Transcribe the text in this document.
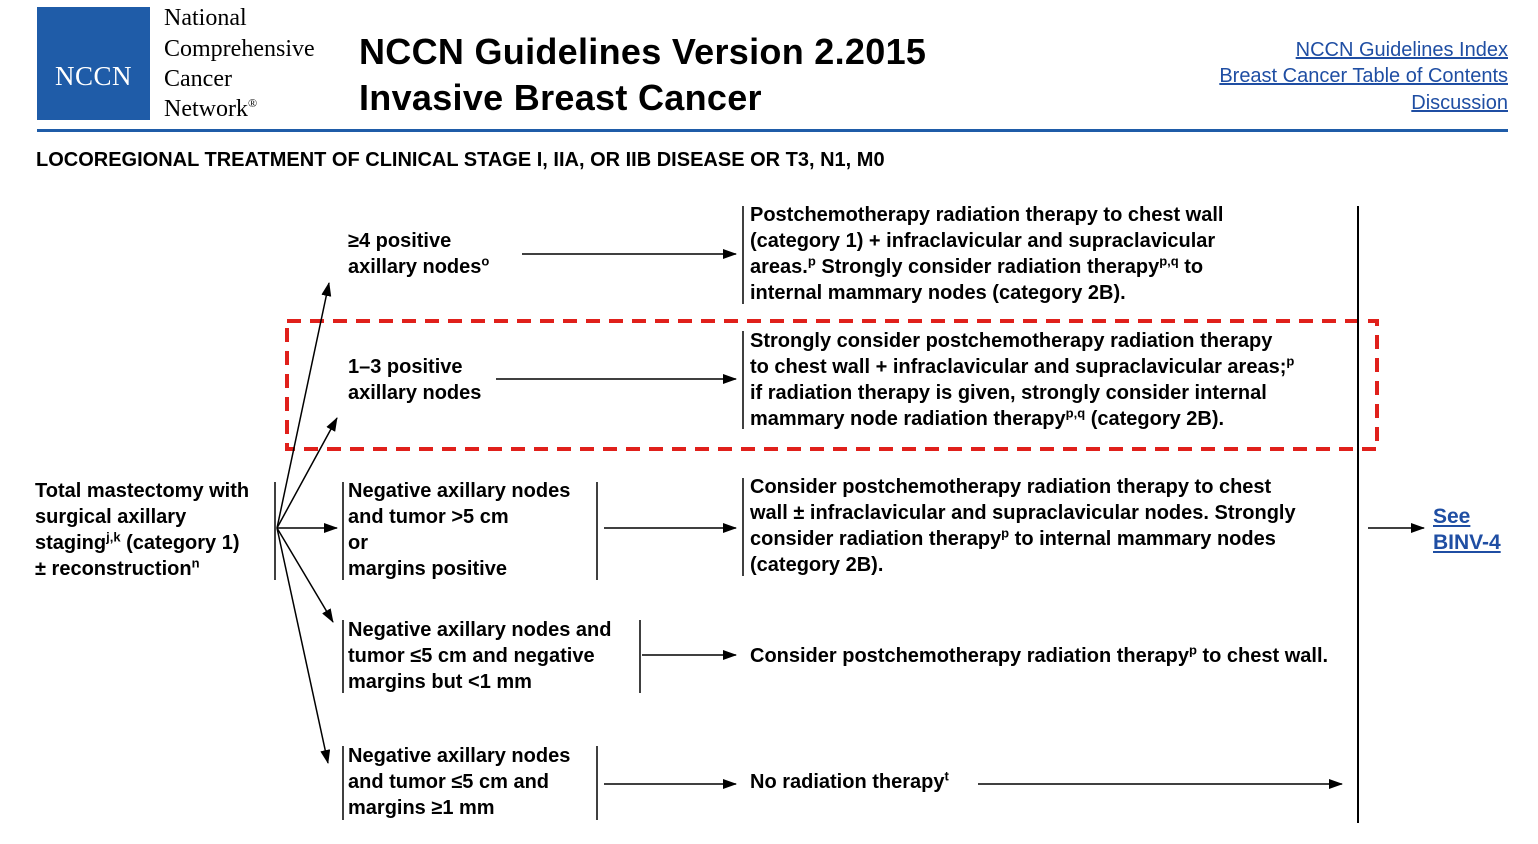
NCCN
National
Comprehensive
Cancer
Network®
NCCN Guidelines Version 2.2015
Invasive Breast Cancer
NCCN Guidelines Index
Breast Cancer Table of Contents
Discussion
LOCOREGIONAL TREATMENT OF CLINICAL STAGE I, IIA, OR IIB DISEASE OR T3, N1, M0
Total mastectomy with
surgical axillary
staging$^{j,k}$ (category 1)
± reconstruction$^n$
≥4 positive
axillary nodes$^o$
Postchemotherapy radiation therapy to chest wall
(category 1) + infraclavicular and supraclavicular
areas.$^p$ Strongly consider radiation therapy$^{p,q}$ to
internal mammary nodes (category 2B).
1–3 positive
axillary nodes
Strongly consider postchemotherapy radiation therapy
to chest wall + infraclavicular and supraclavicular areas;$^p$
if radiation therapy is given, strongly consider internal
mammary node radiation therapy$^{p,q}$ (category 2B).
Negative axillary nodes
and tumor >5 cm
or
margins positive
Consider postchemotherapy radiation therapy to chest
wall ± infraclavicular and supraclavicular nodes. Strongly
consider radiation therapy$^p$ to internal mammary nodes
(category 2B).
Negative axillary nodes and
tumor ≤5 cm and negative
margins but <1 mm
Consider postchemotherapy radiation therapy$^p$ to chest wall.
Negative axillary nodes
and tumor ≤5 cm and
margins ≥1 mm
No radiation therapy$^t$
See
BINV-4
